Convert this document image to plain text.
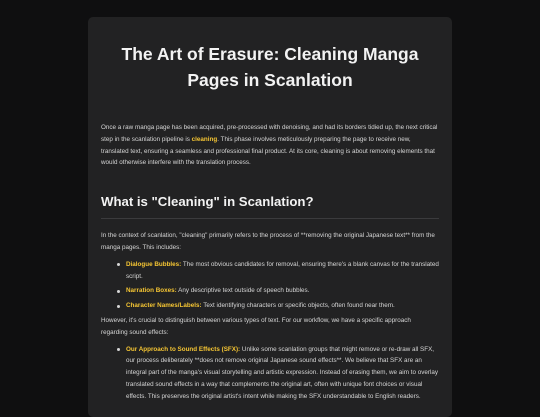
The Art of Erasure: Cleaning Manga Pages in Scanlation

Once a raw manga page has been acquired, pre-processed with denoising, and had its borders tidied up, the next critical step in the scanlation pipeline is cleaning. This phase involves meticulously preparing the page to receive new, translated text, ensuring a seamless and professional final product. At its core, cleaning is about removing elements that would otherwise interfere with the translation process.

What is "Cleaning" in Scanlation?

In the context of scanlation, "cleaning" primarily refers to the process of **removing the original Japanese text** from the manga pages. This includes:

Dialogue Bubbles: The most obvious candidates for removal, ensuring there's a blank canvas for the translated script.
Narration Boxes: Any descriptive text outside of speech bubbles.
Character Names/Labels: Text identifying characters or specific objects, often found near them.

However, it's crucial to distinguish between various types of text. For our workflow, we have a specific approach regarding sound effects:

Our Approach to Sound Effects (SFX): Unlike some scanlation groups that might remove or re-draw all SFX, our process deliberately **does not remove original Japanese sound effects**. We believe that SFX are an integral part of the manga's visual storytelling and artistic expression. Instead of erasing them, we aim to overlay translated sound effects in a way that complements the original art, often with unique font choices or visual effects. This preserves the original artist's intent while making the SFX understandable to English readers.
